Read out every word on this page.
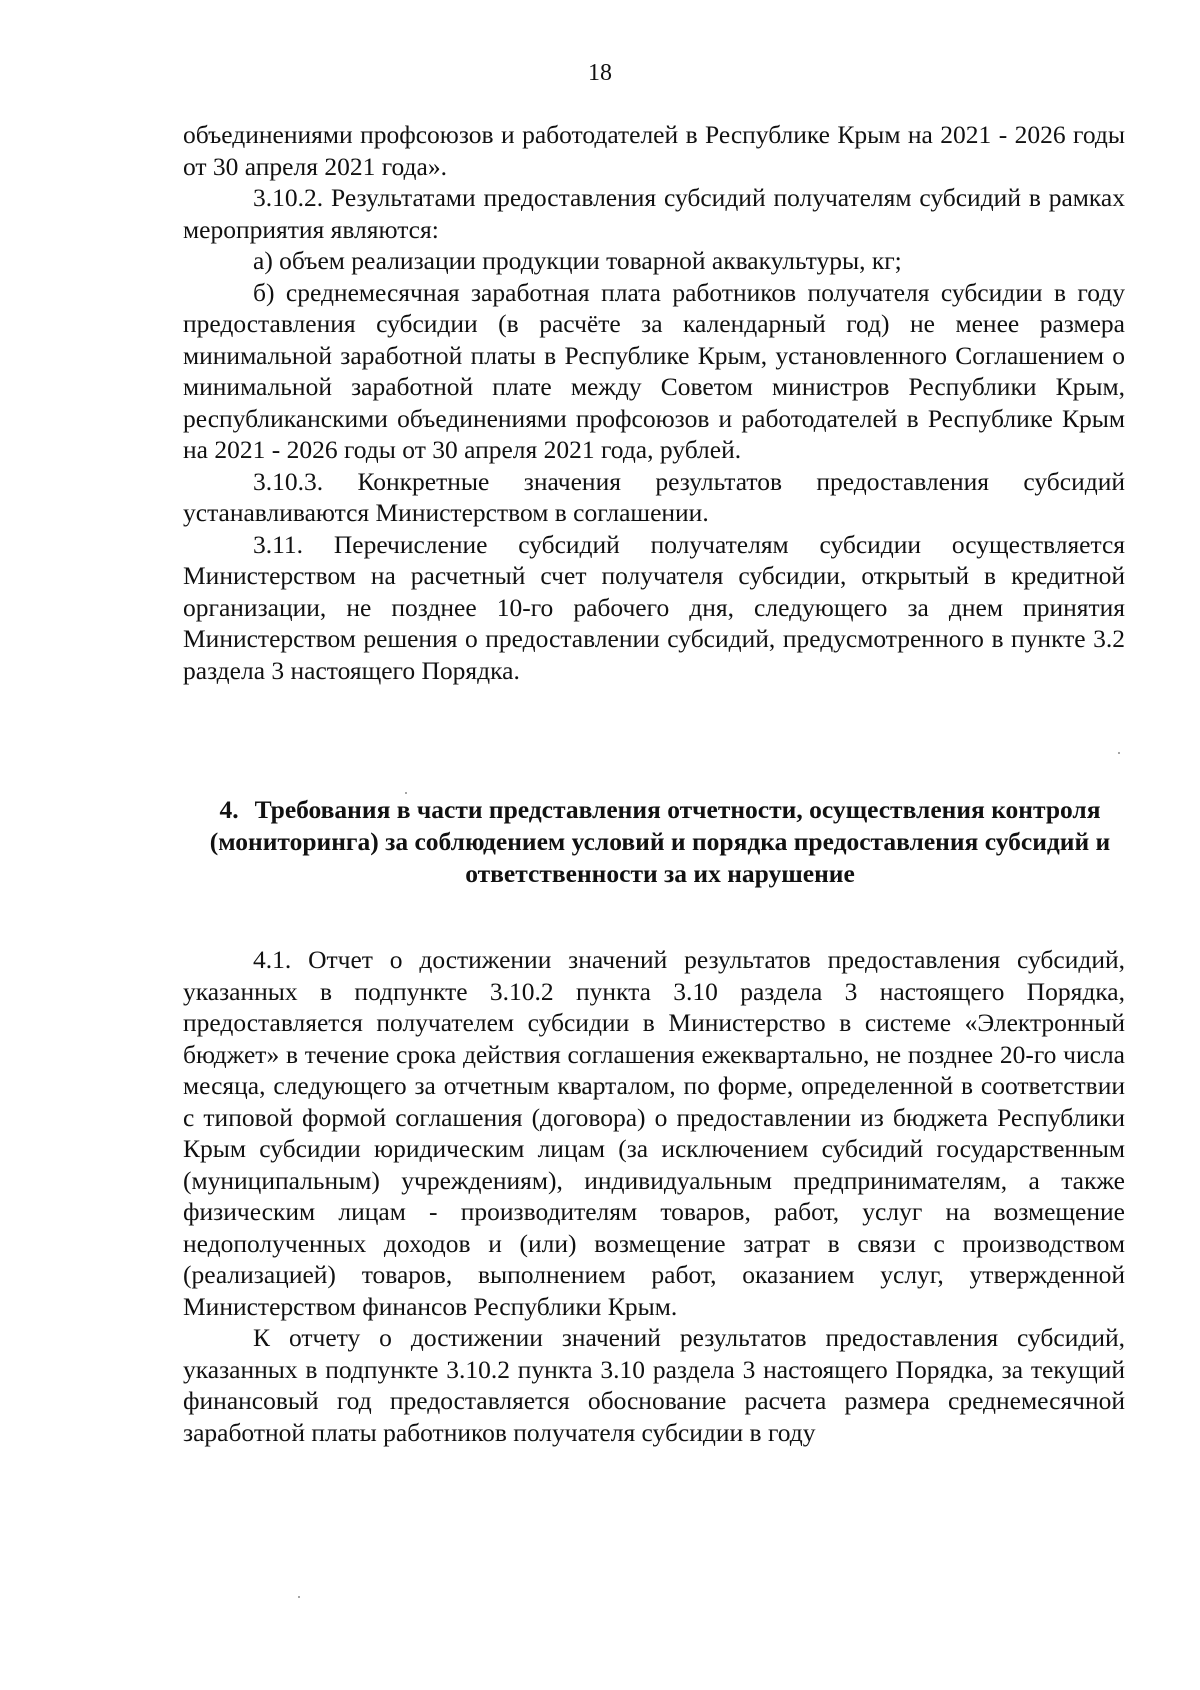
18

объединениями профсоюзов и работодателей в Республике Крым на 2021 - 2026 годы от 30 апреля 2021 года».

3.10.2. Результатами предоставления субсидий получателям субсидий в рамках мероприятия являются:

а) объем реализации продукции товарной аквакультуры, кг;

б) среднемесячная заработная плата работников получателя субсидии в году предоставления субсидии (в расчёте за календарный год) не менее размера минимальной заработной платы в Республике Крым, установленного Соглашением о минимальной заработной плате между Советом министров Республики Крым, республиканскими объединениями профсоюзов и работодателей в Республике Крым на 2021 - 2026 годы от 30 апреля 2021 года, рублей.

3.10.3. Конкретные значения результатов предоставления субсидий устанавливаются Министерством в соглашении.

3.11. Перечисление субсидий получателям субсидии осуществляется Министерством на расчетный счет получателя субсидии, открытый в кредитной организации, не позднее 10-го рабочего дня, следующего за днем принятия Министерством решения о предоставлении субсидий, предусмотренного в пункте 3.2 раздела 3 настоящего Порядка.

4. Требования в части представления отчетности, осуществления контроля (мониторинга) за соблюдением условий и порядка предоставления субсидий и ответственности за их нарушение

4.1. Отчет о достижении значений результатов предоставления субсидий, указанных в подпункте 3.10.2 пункта 3.10 раздела 3 настоящего Порядка, предоставляется получателем субсидии в Министерство в системе «Электронный бюджет» в течение срока действия соглашения ежеквартально, не позднее 20-го числа месяца, следующего за отчетным кварталом, по форме, определенной в соответствии с типовой формой соглашения (договора) о предоставлении из бюджета Республики Крым субсидии юридическим лицам (за исключением субсидий государственным (муниципальным) учреждениям), индивидуальным предпринимателям, а также физическим лицам - производителям товаров, работ, услуг на возмещение недополученных доходов и (или) возмещение затрат в связи с производством (реализацией) товаров, выполнением работ, оказанием услуг, утвержденной Министерством финансов Республики Крым.

К отчету о достижении значений результатов предоставления субсидий, указанных в подпункте 3.10.2 пункта 3.10 раздела 3 настоящего Порядка, за текущий финансовый год предоставляется обоснование расчета размера среднемесячной заработной платы работников получателя субсидии в году
